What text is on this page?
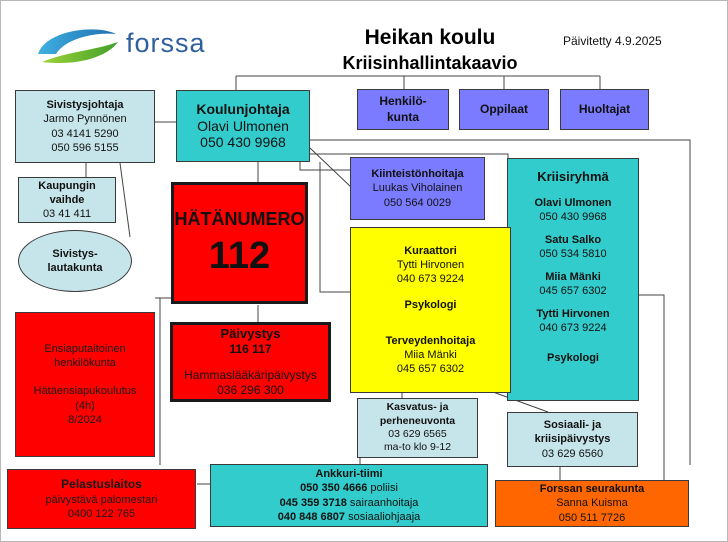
forssa	Heikan koulu
Kriisinhallintakaavio
Päivitetty 4.9.2025
Sivistysjohtaja
Jarmo Pynnönen
03 4141 5290
050 596 5155
Kaupungin
vaihde
03 41 411
Sivistys-
lautakunta
Koulunjohtaja
Olavi Ulmonen
050 430 9968
Henkilö-
kunta
Oppilaat	Huoltajat
HÄTÄNUMERO
112
Kiinteistönhoitaja
Luukas Viholainen
050 564 0029
Kriisiryhmä
Olavi Ulmonen
050 430 9968
Satu Salko
050 534 5810
Miia Mänki
045 657 6302
Tytti Hirvonen
040 673 9224
Psykologi
Ensiaputaitoinen
henkilökunta
Hätäensiapukoulutus
(4h)
8/2024
Päivystys
116 117
Hammaslääkäripäivystys
036 296 300
Kuraattori
Tytti Hirvonen
040 673 9224
Psykologi
Terveydenhoitaja
Miia Mänki
045 657 6302
Kasvatus- ja
perheneuvonta
03 629 6565
ma-to klo 9-12
Sosiaali- ja
kriisipäivystys
03 629 6560
Pelastuslaitos
päivystävä palomestari
0400 122 765
Ankkuri-tiimi
050 350 4666 poliisi
045 359 3718 sairaanhoitaja
040 848 6807 sosiaaliohjaaja
Forssan seurakunta
Sanna Kuisma
050 511 7726
